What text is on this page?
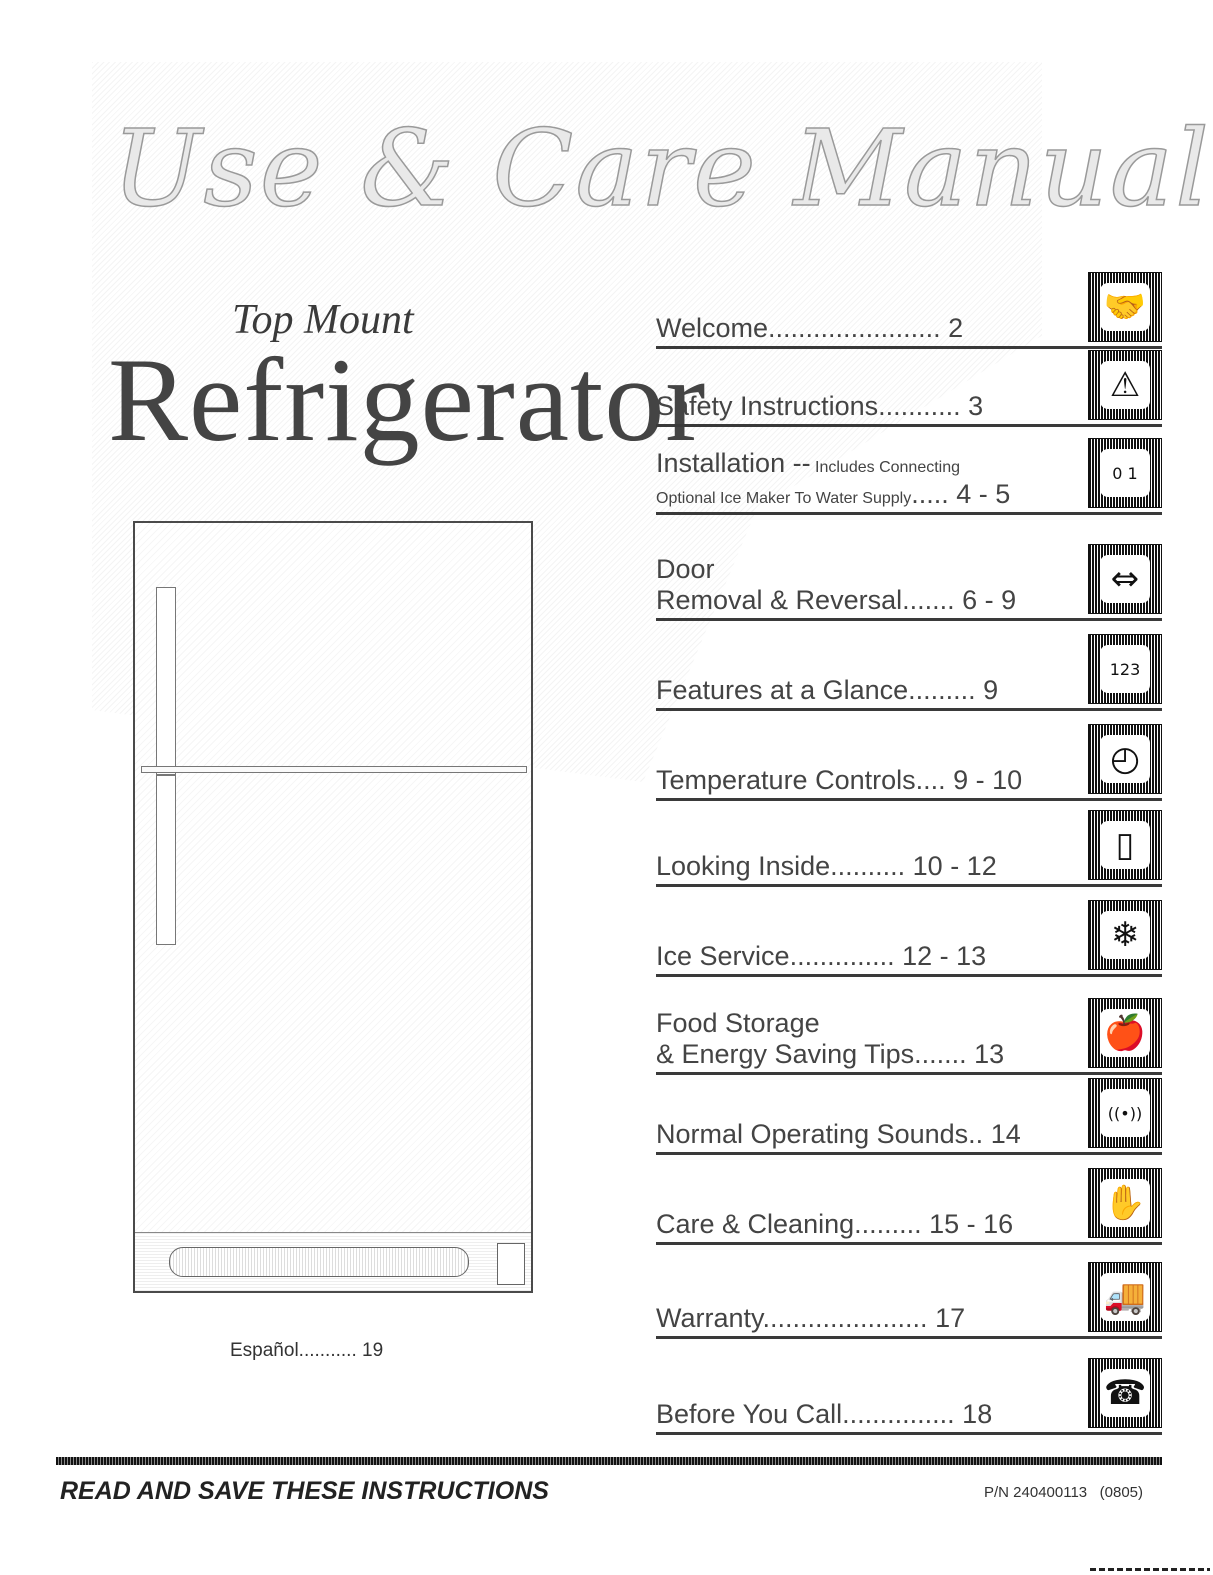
Use & Care Manual
Top Mount
Refrigerator
Español........... 19
Welcome....................... 2
🤝
Safety Instructions........... 3
⚠
Installation -- Includes Connecting
Optional Ice Maker To Water Supply..... 4 - 5
0 1
Door
Removal & Reversal....... 6 - 9
⇔
Features at a Glance......... 9
123
Temperature Controls.... 9 - 10
◴
Looking Inside.......... 10 - 12
▯
Ice Service.............. 12 - 13
❄
Food Storage
& Energy Saving Tips....... 13
🍎
Normal Operating Sounds.. 14
((•))
Care & Cleaning......... 15 - 16
✋
Warranty...................... 17
🚚
Before You Call............... 18
☎
READ AND SAVE THESE INSTRUCTIONS	P/N 240400113   (0805)
